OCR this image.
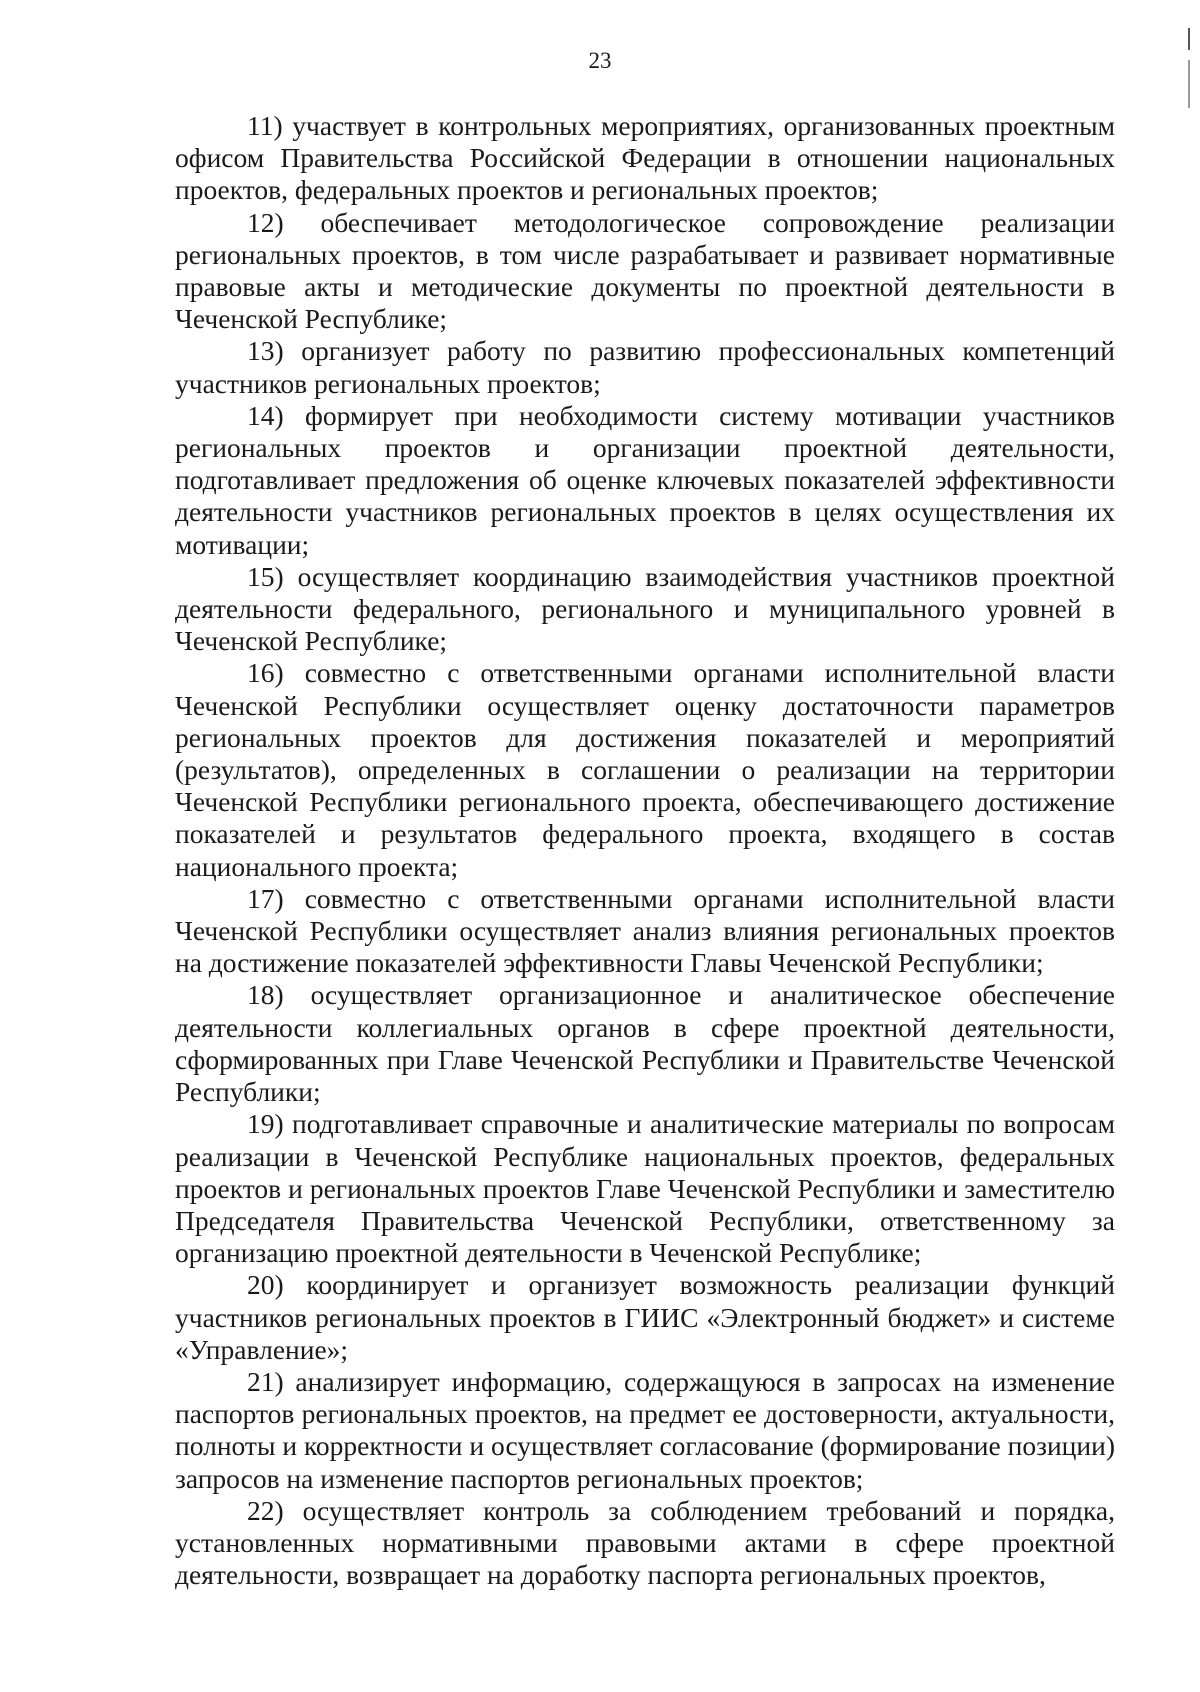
23

11) участвует в контрольных мероприятиях, организованных проектным офисом Правительства Российской Федерации в отношении национальных проектов, федеральных проектов и региональных проектов;

12) обеспечивает методологическое сопровождение реализации региональных проектов, в том числе разрабатывает и развивает нормативные правовые акты и методические документы по проектной деятельности в Чеченской Республике;

13) организует работу по развитию профессиональных компетенций участников региональных проектов;

14) формирует при необходимости систему мотивации участников региональных проектов и организации проектной деятельности, подготавливает предложения об оценке ключевых показателей эффективности деятельности участников региональных проектов в целях осуществления их мотивации;

15) осуществляет координацию взаимодействия участников проектной деятельности федерального, регионального и муниципального уровней в Чеченской Республике;

16) совместно с ответственными органами исполнительной власти Чеченской Республики осуществляет оценку достаточности параметров региональных проектов для достижения показателей и мероприятий (результатов), определенных в соглашении о реализации на территории Чеченской Республики регионального проекта, обеспечивающего достижение показателей и результатов федерального проекта, входящего в состав национального проекта;

17) совместно с ответственными органами исполнительной власти Чеченской Республики осуществляет анализ влияния региональных проектов на достижение показателей эффективности Главы Чеченской Республики;

18) осуществляет организационное и аналитическое обеспечение деятельности коллегиальных органов в сфере проектной деятельности, сформированных при Главе Чеченской Республики и Правительстве Чеченской Республики;

19) подготавливает справочные и аналитические материалы по вопросам реализации в Чеченской Республике национальных проектов, федеральных проектов и региональных проектов Главе Чеченской Республики и заместителю Председателя Правительства Чеченской Республики, ответственному за организацию проектной деятельности в Чеченской Республике;

20) координирует и организует возможность реализации функций участников региональных проектов в ГИИС «Электронный бюджет» и системе «Управление»;

21) анализирует информацию, содержащуюся в запросах на изменение паспортов региональных проектов, на предмет ее достоверности, актуальности, полноты и корректности и осуществляет согласование (формирование позиции) запросов на изменение паспортов региональных проектов;

22) осуществляет контроль за соблюдением требований и порядка, установленных нормативными правовыми актами в сфере проектной деятельности, возвращает на доработку паспорта региональных проектов,
